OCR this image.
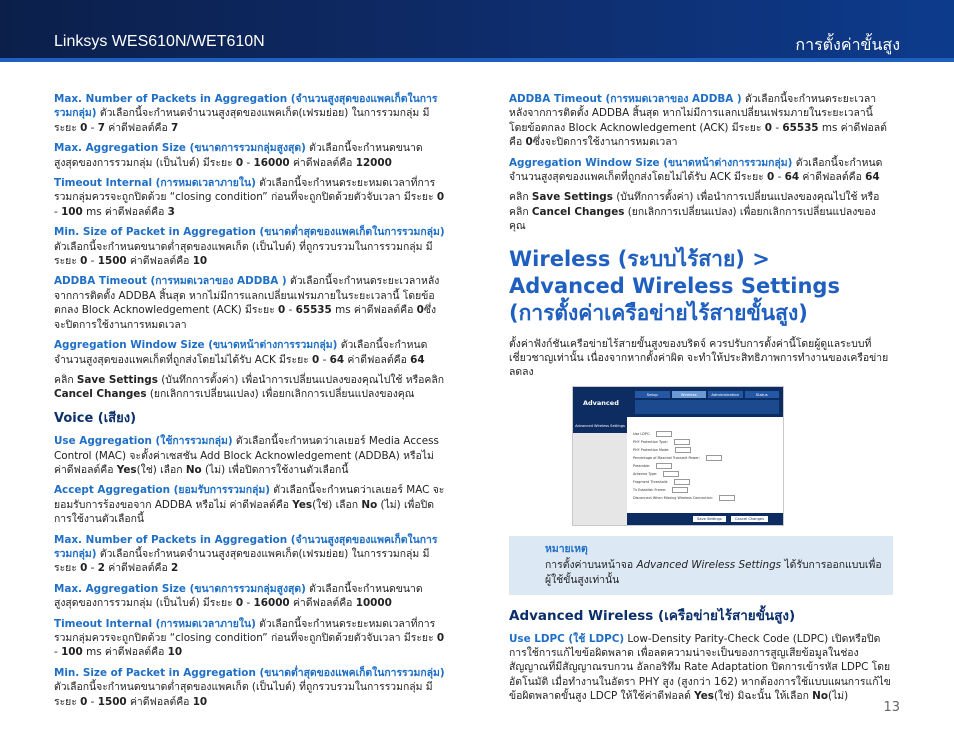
Linksys WES610N/WET610N	การตั้งค่าขั้นสูง

Max. Number of Packets in Aggregation (จำนวนสูงสุดของแพคเก็ตในการรวมกลุ่ม) ตัวเลือกนี้จะกำหนดจำนวนสูงสุดของแพคเก็ต(เฟรมย่อย) ในการรวมกลุ่ม มีระยะ 0 - 7 ค่าดีฟอลต์คือ 7

Max. Aggregation Size (ขนาดการรวมกลุ่มสูงสุด) ตัวเลือกนี้จะกำหนดขนาดสูงสุดของการรวมกลุ่ม (เป็นไบต์) มีระยะ 0 - 16000 ค่าดีฟอลต์คือ 12000

Timeout Internal (การหมดเวลาภายใน) ตัวเลือกนี้จะกำหนดระยะหมดเวลาที่การรวมกลุ่มควรจะถูกปิดด้วย “closing condition” ก่อนที่จะถูกปิดด้วยตัวจับเวลา มีระยะ 0 - 100 ms ค่าดีฟอลต์คือ 3

Min. Size of Packet in Aggregation (ขนาดต่ำสุดของแพคเก็ตในการรวมกลุ่ม) ตัวเลือกนี้จะกำหนดขนาดต่ำสุดของแพคเก็ต (เป็นไบต์) ที่ถูกรวบรวมในการรวมกลุ่ม มีระยะ 0 - 1500 ค่าดีฟอลต์คือ 10

ADDBA Timeout (การหมดเวลาของ ADDBA ) ตัวเลือกนี้จะกำหนดระยะเวลาหลังจากการติดตั้ง ADDBA สิ้นสุด หากไม่มีการแลกเปลี่ยนเฟรมภายในระยะเวลานี้ โดยข้อตกลง Block Acknowledgement (ACK) มีระยะ 0 - 65535 ms ค่าดีฟอลต์คือ 0ซึ่งจะปิดการใช้งานการหมดเวลา

Aggregation Window Size (ขนาดหน้าต่างการรวมกลุ่ม) ตัวเลือกนี้จะกำหนดจำนวนสูงสุดของแพคเก็ตที่ถูกส่งโดยไม่ได้รับ ACK มีระยะ 0 - 64 ค่าดีฟอลต์คือ 64

คลิก Save Settings (บันทึกการตั้งค่า) เพื่อนำการเปลี่ยนแปลงของคุณไปใช้ หรือคลิก Cancel Changes (ยกเลิกการเปลี่ยนแปลง) เพื่อยกเลิกการเปลี่ยนแปลงของคุณ

Voice (เสียง)

Use Aggregation (ใช้การรวมกลุ่ม) ตัวเลือกนี้จะกำหนดว่าเลเยอร์ Media Access Control (MAC) จะตั้งค่าเซสชัน Add Block Acknowledgement (ADDBA) หรือไม่ ค่าดีฟอลต์คือ Yes(ใช่) เลือก No (ไม่) เพื่อปิดการใช้งานตัวเลือกนี้

Accept Aggregation (ยอมรับการรวมกลุ่ม) ตัวเลือกนี้จะกำหนดว่าเลเยอร์ MAC จะยอมรับการร้องขอจาก ADDBA หรือไม่ ค่าดีฟอลต์คือ Yes(ใช่) เลือก No (ไม่) เพื่อปิดการใช้งานตัวเลือกนี้

Max. Number of Packets in Aggregation (จำนวนสูงสุดของแพคเก็ตในการรวมกลุ่ม) ตัวเลือกนี้จะกำหนดจำนวนสูงสุดของแพคเก็ต(เฟรมย่อย) ในการรวมกลุ่ม มีระยะ 0 - 2 ค่าดีฟอลต์คือ 2

Max. Aggregation Size (ขนาดการรวมกลุ่มสูงสุด) ตัวเลือกนี้จะกำหนดขนาดสูงสุดของการรวมกลุ่ม (เป็นไบต์) มีระยะ 0 - 16000 ค่าดีฟอลต์คือ 10000

Timeout Internal (การหมดเวลาภายใน) ตัวเลือกนี้จะกำหนดระยะหมดเวลาที่การรวมกลุ่มควรจะถูกปิดด้วย “closing condition” ก่อนที่จะถูกปิดด้วยตัวจับเวลา มีระยะ 0 - 100 ms ค่าดีฟอลต์คือ 10

Min. Size of Packet in Aggregation (ขนาดต่ำสุดของแพคเก็ตในการรวมกลุ่ม) ตัวเลือกนี้จะกำหนดขนาดต่ำสุดของแพคเก็ต (เป็นไบต์) ที่ถูกรวบรวมในการรวมกลุ่ม มีระยะ 0 - 1500 ค่าดีฟอลต์คือ 10

ADDBA Timeout (การหมดเวลาของ ADDBA ) ตัวเลือกนี้จะกำหนดระยะเวลาหลังจากการติดตั้ง ADDBA สิ้นสุด หากไม่มีการแลกเปลี่ยนเฟรมภายในระยะเวลานี้ โดยข้อตกลง Block Acknowledgement (ACK) มีระยะ 0 - 65535 ms ค่าดีฟอลต์คือ 0ซึ่งจะปิดการใช้งานการหมดเวลา

Aggregation Window Size (ขนาดหน้าต่างการรวมกลุ่ม) ตัวเลือกนี้จะกำหนดจำนวนสูงสุดของแพคเก็ตที่ถูกส่งโดยไม่ได้รับ ACK มีระยะ 0 - 64 ค่าดีฟอลต์คือ 64

คลิก Save Settings (บันทึกการตั้งค่า) เพื่อนำการเปลี่ยนแปลงของคุณไปใช้ หรือคลิก Cancel Changes (ยกเลิกการเปลี่ยนแปลง) เพื่อยกเลิกการเปลี่ยนแปลงของคุณ

Wireless (ระบบไร้สาย) > Advanced Wireless Settings (การตั้งค่าเครือข่ายไร้สายขั้นสูง)

ตั้งค่าฟังก์ชันเครือข่ายไร้สายขั้นสูงของบริดจ์ ควรปรับการตั้งค่านี้โดยผู้ดูแลระบบที่เชี่ยวชาญเท่านั้น เนื่องจากหากตั้งค่าผิด จะทำให้ประสิทธิภาพการทำงานของเครือข่ายลดลง

Advanced
Setup	Wireless	Administration	Status
Advanced Wireless Settings
Use LDPC:
PHY Protection Type:
PHY Protection Mode:
Percentage of Maximal Transmit Power:
Preamble:
Antenna Type:
Fragment Threshold:
Tx Establish Frame:
Disconnect When Missing Wireless Connection:
Save Settings	Cancel Changes
หมายเหตุ

การตั้งค่าบนหน้าจอ Advanced Wireless Settings ได้รับการออกแบบเพื่อผู้ใช้ขั้นสูงเท่านั้น

Advanced Wireless (เครือข่ายไร้สายขั้นสูง)

Use LDPC (ใช้ LDPC) Low-Density Parity-Check Code (LDPC) เปิดหรือปิดการใช้การแก้ไขข้อผิดพลาด เพื่อลดความน่าจะเป็นของการสูญเสียข้อมูลในช่องสัญญาณที่มีสัญญาณรบกวน อัลกอริทึม Rate Adaptation ปิดการเข้ารหัส LDPC โดยอัตโนมัติ เมื่อทำงานในอัตรา PHY สูง (สูงกว่า 162) หากต้องการใช้แบบแผนการแก้ไขข้อผิดพลาดขั้นสูง LDCP ให้ใช้ค่าดีฟอลต์ Yes(ใช่) มิฉะนั้น ให้เลือก No(ไม่)

13
